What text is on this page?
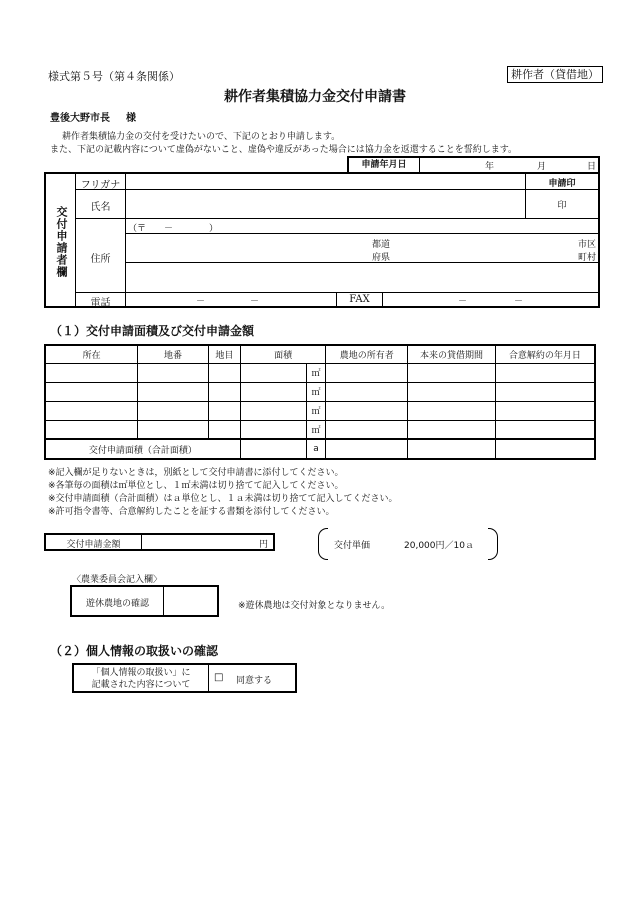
様式第５号（第４条関係）	耕作者（貸借地）
耕作者集積協力金交付申請書
豊後大野市長 様
耕作者集積協力金の交付を受けたいので、下記のとおり申請します。
また、下記の記載内容について虚偽がないこと、虚偽や違反があった場合には協力金を返還することを誓約します。
申請年月日	年	月	日
交付申請者欄
フリガナ	申請印
氏名	印
住所
（〒　　－　　　　）
都道
府県
市区
町村
電話	－	－	FAX	－	－
（１）交付申請面積及び交付申請金額
所在	地番	地目	面積		農地の所有者	本来の貸借期間	合意解約の年月日
				㎡			
				㎡			
				㎡			
				㎡			
交付申請面積（合計面積）				a			
※記入欄が足りないときは，別紙として交付申請書に添付してください。
※各筆毎の面積は㎡単位とし、１㎡未満は切り捨てて記入してください。
※交付申請面積（合計面積）はａ単位とし、１ａ未満は切り捨てて記入してください。
※許可指令書等、合意解約したことを証する書類を添付してください。
交付申請金額	円	交付単価	20,000円／10ａ
〈農業委員会記入欄〉
遊休農地の確認	※遊休農地は交付対象となりません。
（２）個人情報の取扱いの確認
「個人情報の取扱い」に
記載された内容について
□ 同意する
